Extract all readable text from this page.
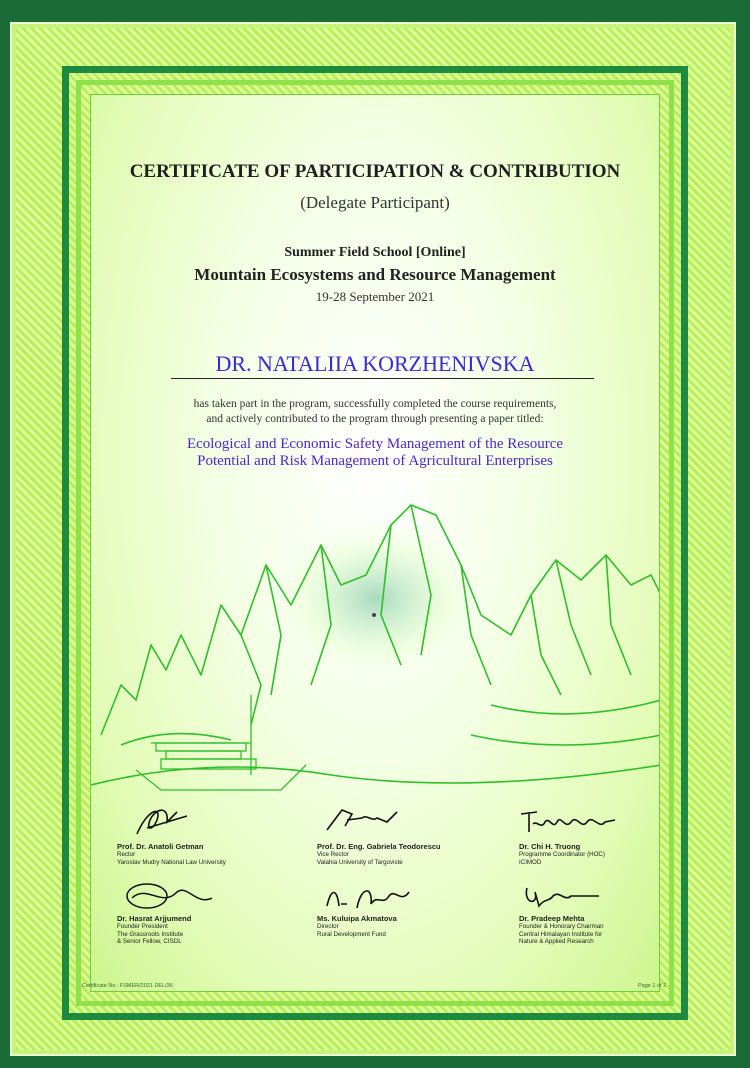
CERTIFICATE OF PARTICIPATION & CONTRIBUTION
(Delegate Participant)
Summer Field School [Online]
Mountain Ecosystems and Resource Management
19-28 September 2021
DR. NATALIIA KORZHENIVSKA
has taken part in the program, successfully completed the course requirements,
and actively contributed to the program through presenting a paper titled:
Ecological and Economic Safety Management of the Resource
Potential and Risk Management of Agricultural Enterprises
Prof. Dr. Anatoli Getman
Rector
Yaroslav Mudry National Law University
Prof. Dr. Eng. Gabriela Teodorescu
Vice Rector
Valahia University of Targoviste
Dr. Chi H. Truong
Programme Coordinator (HOC)
ICIMOD
Dr. Hasrat Arjjumend
Founder President
The Grassroots Institute
& Senior Fellow, CISDL
Ms. Kuluipa Akmatova
Director
Rural Development Fund
Dr. Pradeep Mehta
Founder & Honorary Chairman
Central Himalayan Institute for
Nature & Applied Research
Certificate No.: FSMER/2021 DEL/36	Page 1 of 2
